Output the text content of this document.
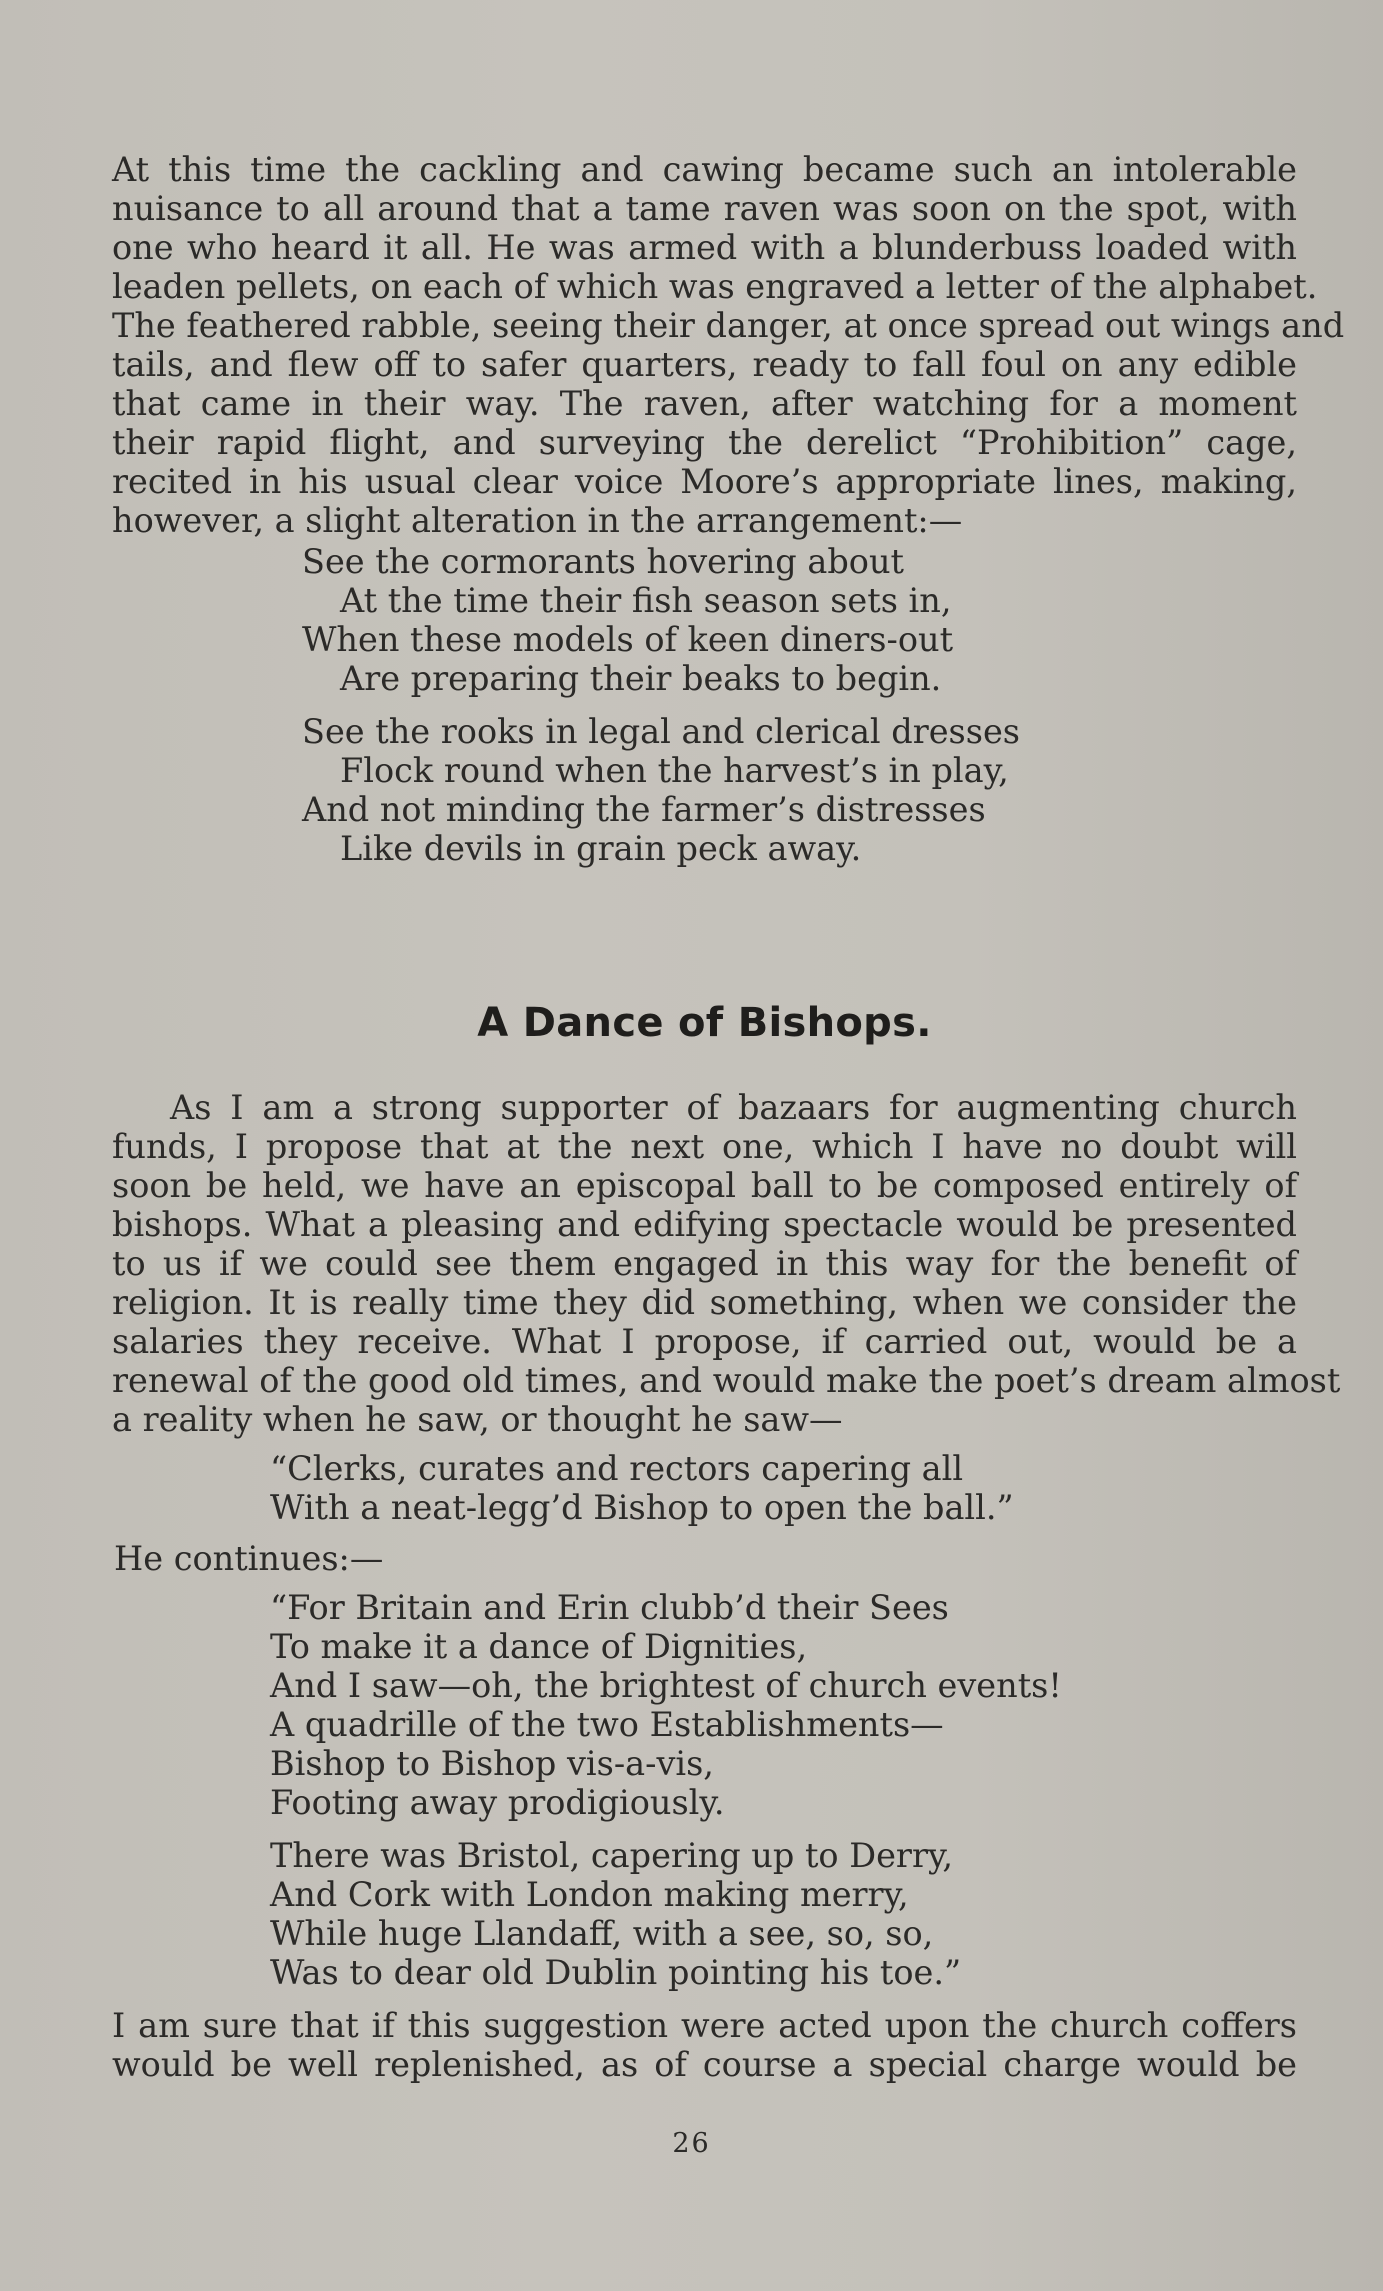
At this time the cackling and cawing became such an intolerable
nuisance to all around that a tame raven was soon on the spot, with
one who heard it all. He was armed with a blunderbuss loaded with
leaden pellets, on each of which was engraved a letter of the alphabet.
The feathered rabble, seeing their danger, at once spread out wings and
tails, and flew off to safer quarters, ready to fall foul on any edible
that came in their way. The raven, after watching for a moment
their rapid flight, and surveying the derelict “Prohibition” cage,
recited in his usual clear voice Moore’s appropriate lines, making,
however, a slight alteration in the arrangement:—

See the cormorants hovering about
At the time their fish season sets in,
When these models of keen diners-out
Are preparing their beaks to begin.
See the rooks in legal and clerical dresses
Flock round when the harvest’s in play,
And not minding the farmer’s distresses
Like devils in grain peck away.
A Dance of Bishops.

As I am a strong supporter of bazaars for augmenting church
funds, I propose that at the next one, which I have no doubt will
soon be held, we have an episcopal ball to be composed entirely of
bishops. What a pleasing and edifying spectacle would be presented
to us if we could see them engaged in this way for the benefit of
religion. It is really time they did something, when we consider the
salaries they receive. What I propose, if carried out, would be a
renewal of the good old times, and would make the poet’s dream almost
a reality when he saw, or thought he saw—

“Clerks, curates and rectors capering all
With a neat-legg’d Bishop to open the ball.”
He continues:—
“For Britain and Erin clubb’d their Sees
To make it a dance of Dignities,
And I saw—oh, the brightest of church events!
A quadrille of the two Establishments—
Bishop to Bishop vis-a-vis,
Footing away prodigiously.
There was Bristol, capering up to Derry,
And Cork with London making merry,
While huge Llandaff, with a see, so, so,
Was to dear old Dublin pointing his toe.”

I am sure that if this suggestion were acted upon the church coffers
would be well replenished, as of course a special charge would be

26
